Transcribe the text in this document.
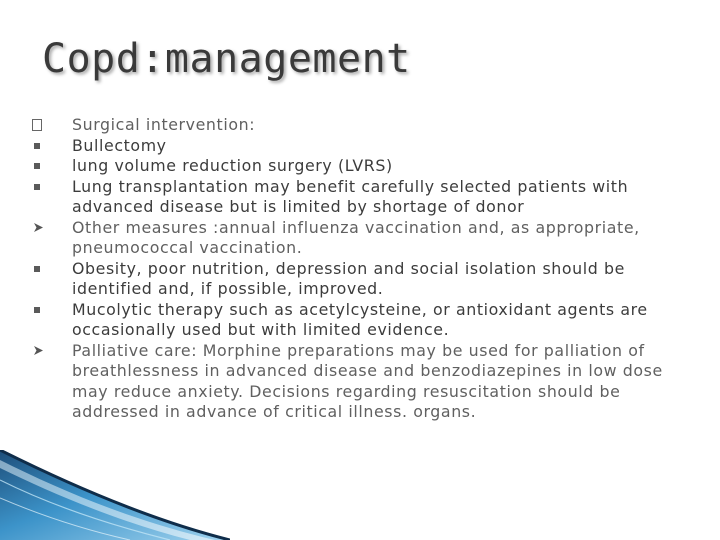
Copd:management
Surgical intervention:
Bullectomy
lung volume reduction surgery (LVRS)
Lung transplantation may benefit carefully selected patients with advanced disease but is limited by shortage of donor
Other measures :annual influenza vaccination and, as appropriate, pneumococcal vaccination.
Obesity, poor nutrition, depression and social isolation should be identified and, if possible, improved.
Mucolytic therapy such as acetylcysteine, or antioxidant agents are occasionally used but with limited evidence.
Palliative care: Morphine preparations may be used for palliation of breathlessness in advanced disease and benzodiazepines in low dose may reduce anxiety. Decisions regarding resuscitation should be addressed in advance of critical illness. organs.
